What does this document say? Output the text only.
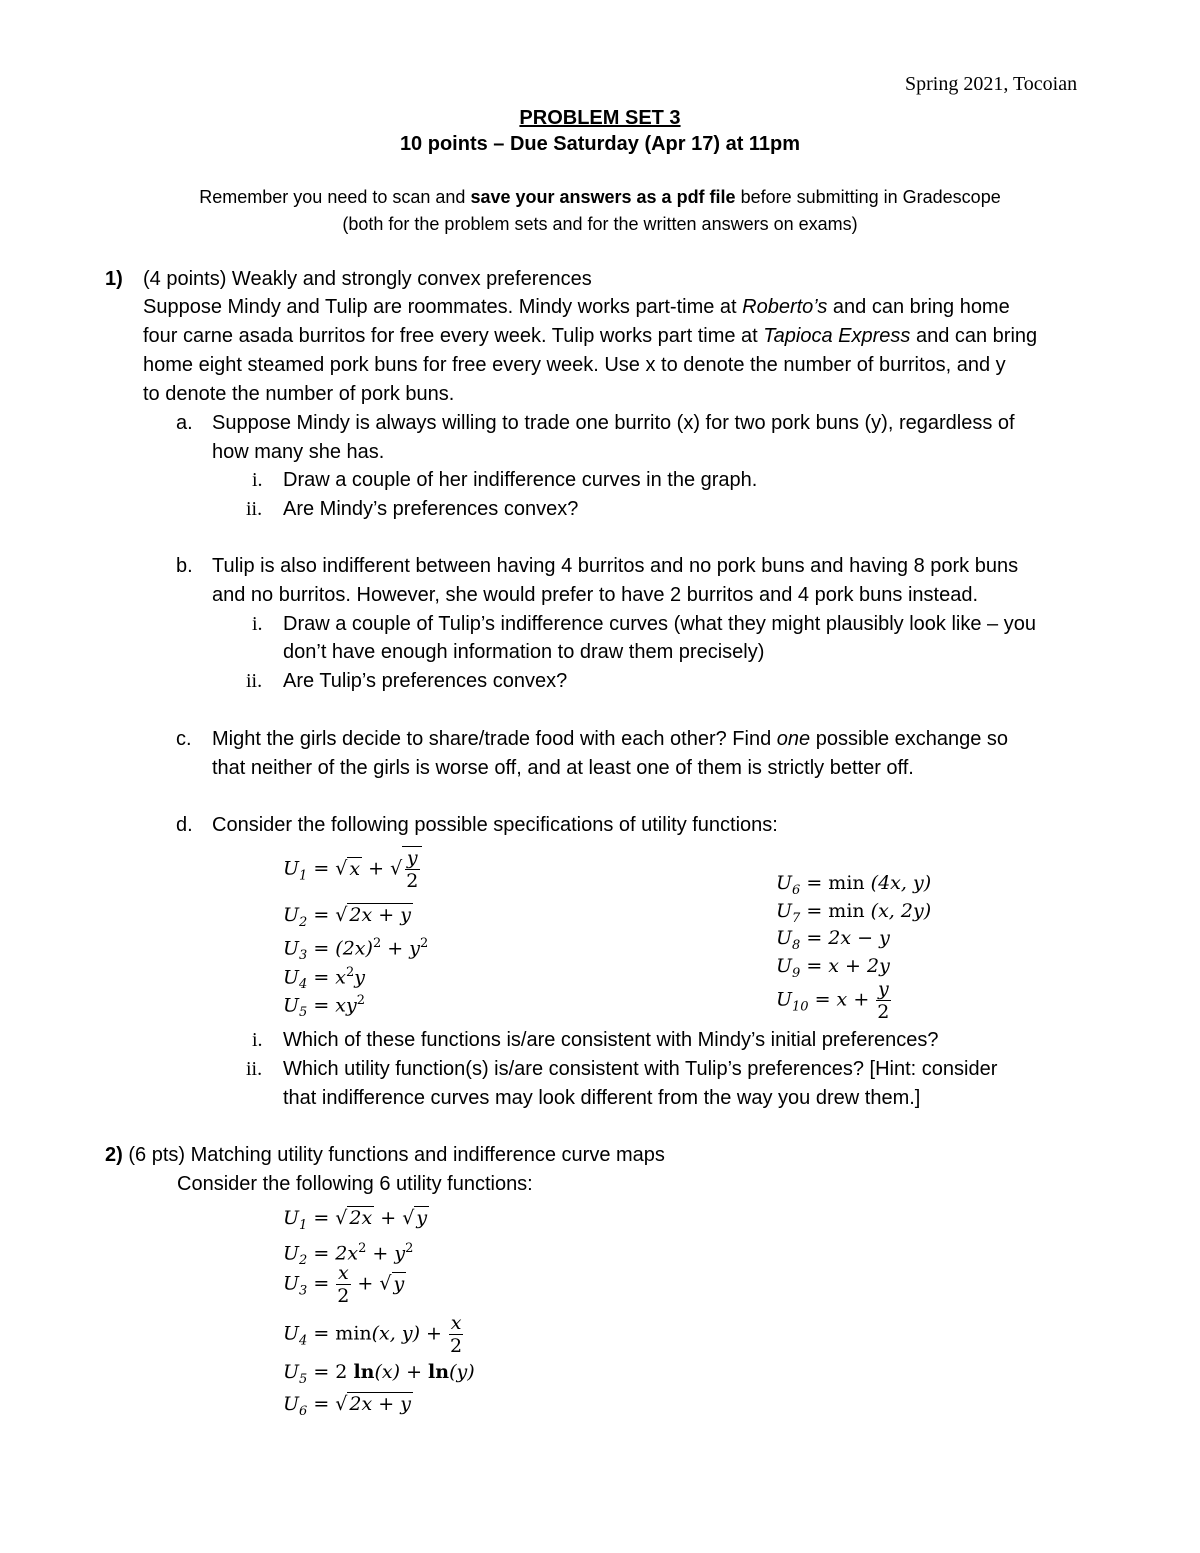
Spring 2021, Tocoian
PROBLEM SET 3
10 points – Due Saturday (Apr 17) at 11pm
Remember you need to scan and save your answers as a pdf file before submitting in Gradescope
(both for the problem sets and for the written answers on exams)
1) (4 points) Weakly and strongly convex preferences
Suppose Mindy and Tulip are roommates. Mindy works part-time at Roberto’s and can bring home
four carne asada burritos for free every week. Tulip works part time at Tapioca Express and can bring
home eight steamed pork buns for free every week. Use x to denote the number of burritos, and y
to denote the number of pork buns.
a. Suppose Mindy is always willing to trade one burrito (x) for two pork buns (y), regardless of
how many she has.
i. Draw a couple of her indifference curves in the graph.
ii. Are Mindy’s preferences convex?
b. Tulip is also indifferent between having 4 burritos and no pork buns and having 8 pork buns
and no burritos. However, she would prefer to have 2 burritos and 4 pork buns instead.
i. Draw a couple of Tulip’s indifference curves (what they might plausibly look like – you
don’t have enough information to draw them precisely)
ii. Are Tulip’s preferences convex?
c. Might the girls decide to share/trade food with each other? Find one possible exchange so
that neither of the girls is worse off, and at least one of them is strictly better off.
d. Consider the following possible specifications of utility functions:
$U_1$ = √ x + √ $\frac{y}{2}$
$U_2$ = √ 2x + y
$U_3 = (2x)^2 + y^2$
$U_4 = x^2y$
$U_5 = xy^2$
$U_6 = \min (4x$, y)
$U_7 = \min (x$, 2y)
$U_8 = 2x - y$
$U_9 = x + 2y$
$U_{10} = x + \frac{y}{2}$
i. Which of these functions is/are consistent with Mindy’s initial preferences?
ii. Which utility function(s) is/are consistent with Tulip’s preferences? [Hint: consider
that indifference curves may look different from the way you drew them.]
2) (6 pts) Matching utility functions and indifference curve maps
Consider the following 6 utility functions:
$U_1$ = √ 2x + √ y
$U_2 = 2x^2 + y^2$
$U_3 = \frac{x}{2}$ + √ y
$U_4 = \min(x$, $y) + \frac{x}{2}$
$U_5 = 2$ ln(x) + ln(y)
$U_6$ = √ 2x + y
